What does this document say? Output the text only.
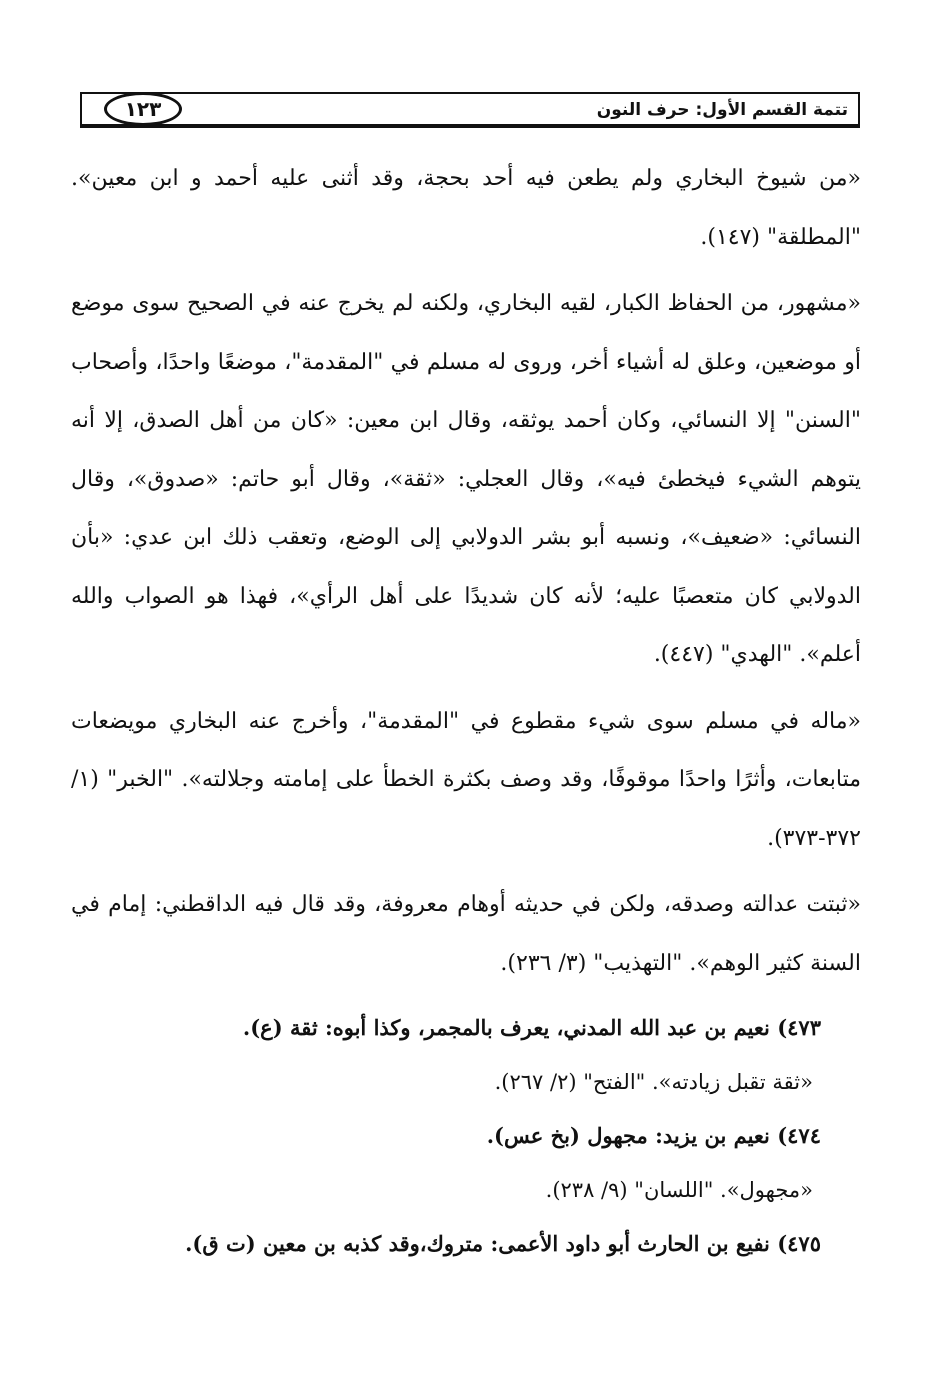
تتمة القسم الأول: حرف النون
١٢٣

«من شيوخ البخاري ولم يطعن فيه أحد بحجة، وقد أثنى عليه أحمد و ابن معين». "المطلقة" (١٤٧).

«مشهور، من الحفاظ الكبار، لقيه البخاري، ولكنه لم يخرج عنه في الصحيح سوى موضع أو موضعين، وعلق له أشياء أخر، وروى له مسلم في "المقدمة"، موضعًا واحدًا، وأصحاب "السنن" إلا النسائي، وكان أحمد يوثقه، وقال ابن معين: «كان من أهل الصدق، إلا أنه يتوهم الشيء فيخطئ فيه»، وقال العجلي: «ثقة»، وقال أبو حاتم: «صدوق»، وقال النسائي: «ضعيف»، ونسبه أبو بشر الدولابي إلى الوضع، وتعقب ذلك ابن عدي: «بأن الدولابي كان متعصبًا عليه؛ لأنه كان شديدًا على أهل الرأي»، فهذا هو الصواب والله أعلم». "الهدي" (٤٤٧).

«ماله في مسلم سوى شيء مقطوع في "المقدمة"، وأخرج عنه البخاري مويضعات متابعات، وأثرًا واحدًا موقوفًا، وقد وصف بكثرة الخطأ على إمامته وجلالته». "الخبر" (١/ ٣٧٢-٣٧٣).

«ثبتت عدالته وصدقه، ولكن في حديثه أوهام معروفة، وقد قال فيه الداقطني: إمام في السنة كثير الوهم». "التهذيب" (٣/ ٢٣٦).

٤٧٣) نعيم بن عبد الله المدني، يعرف بالمجمر، وكذا أبوه: ثقة (ع).

«ثقة تقبل زيادته». "الفتح" (٢/ ٢٦٧).

٤٧٤) نعيم بن يزيد: مجهول (بخ عس).

«مجهول». "اللسان" (٩/ ٢٣٨).

٤٧٥) نفيع بن الحارث أبو داود الأعمى: متروك،وقد كذبه بن معين (ت ق).
